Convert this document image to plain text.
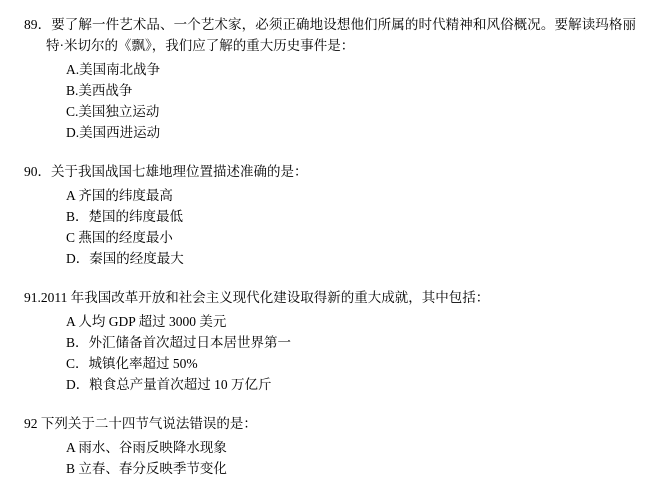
89．要了解一件艺术品、一个艺术家，必须正确地设想他们所属的时代精神和风俗概况。要解读玛格丽特·米切尔的《飘》，我们应了解的重大历史事件是：
A.美国南北战争
B.美西战争
C.美国独立运动
D.美国西进运动
90．关于我国战国七雄地理位置描述准确的是：
A 齐国的纬度最高
B．楚国的纬度最低
C 燕国的经度最小
D．秦国的经度最大
91.2011 年我国改革开放和社会主义现代化建设取得新的重大成就，其中包括：
A 人均 GDP 超过 3000 美元
B．外汇储备首次超过日本居世界第一
C．城镇化率超过 50%
D．粮食总产量首次超过 10 万亿斤
92 下列关于二十四节气说法错误的是：
A 雨水、谷雨反映降水现象
B 立春、春分反映季节变化
